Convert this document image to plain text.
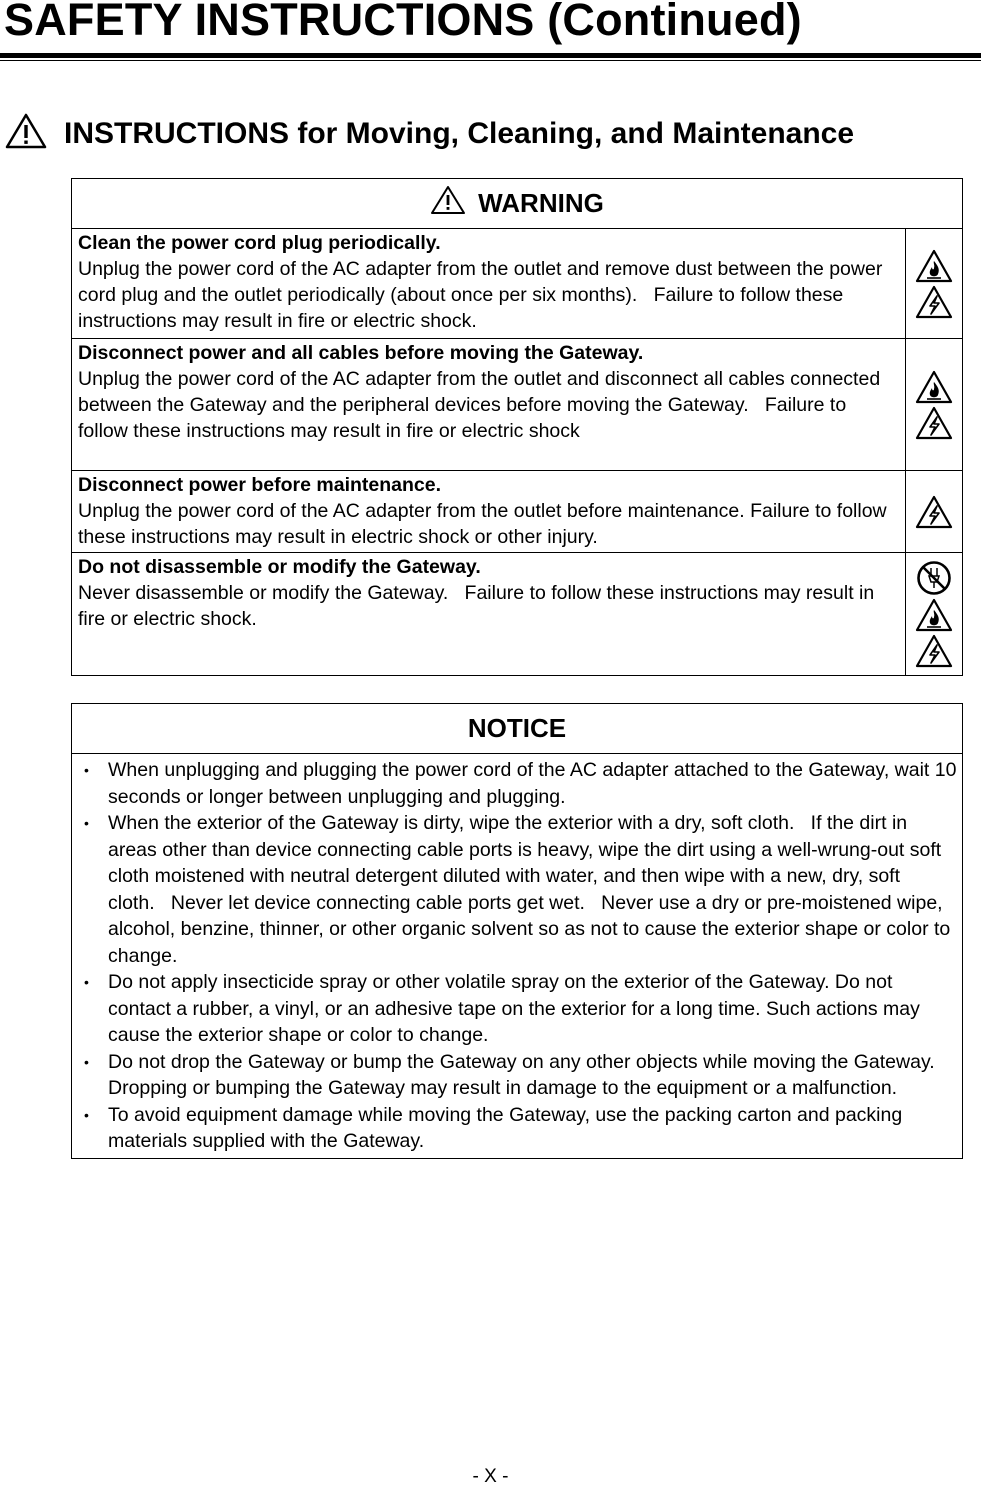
SAFETY INSTRUCTIONS (Continued)
INSTRUCTIONS for Moving, Cleaning, and Maintenance
WARNING	

Clean the power cord plug periodically.
Unplug the power cord of the AC adapter from the outlet and remove dust between the power cord plug and the outlet periodically (about once per six months).   Failure to follow these instructions may result in fire or electric shock.

Disconnect power and all cables before moving the Gateway.
Unplug the power cord of the AC adapter from the outlet and disconnect all cables connected between the Gateway and the peripheral devices before moving the Gateway.   Failure to follow these instructions may result in fire or electric shock

Disconnect power before maintenance.
Unplug the power cord of the AC adapter from the outlet before maintenance. Failure to follow these instructions may result in electric shock or other injury.

Do not disassemble or modify the Gateway.
Never disassemble or modify the Gateway.   Failure to follow these instructions may result in fire or electric shock.

NOTICE

• When unplugging and plugging the power cord of the AC adapter attached to the Gateway, wait 10 seconds or longer between unplugging and plugging.
• When the exterior of the Gateway is dirty, wipe the exterior with a dry, soft cloth.   If the dirt in areas other than device connecting cable ports is heavy, wipe the dirt using a well-wrung-out soft cloth moistened with neutral detergent diluted with water, and then wipe with a new, dry, soft cloth.   Never let device connecting cable ports get wet.   Never use a dry or pre-moistened wipe, alcohol, benzine, thinner, or other organic solvent so as not to cause the exterior shape or color to change.
• Do not apply insecticide spray or other volatile spray on the exterior of the Gateway. Do not contact a rubber, a vinyl, or an adhesive tape on the exterior for a long time. Such actions may cause the exterior shape or color to change.
• Do not drop the Gateway or bump the Gateway on any other objects while moving the Gateway. Dropping or bumping the Gateway may result in damage to the equipment or a malfunction.
• To avoid equipment damage while moving the Gateway, use the packing carton and packing materials supplied with the Gateway.
- X -
